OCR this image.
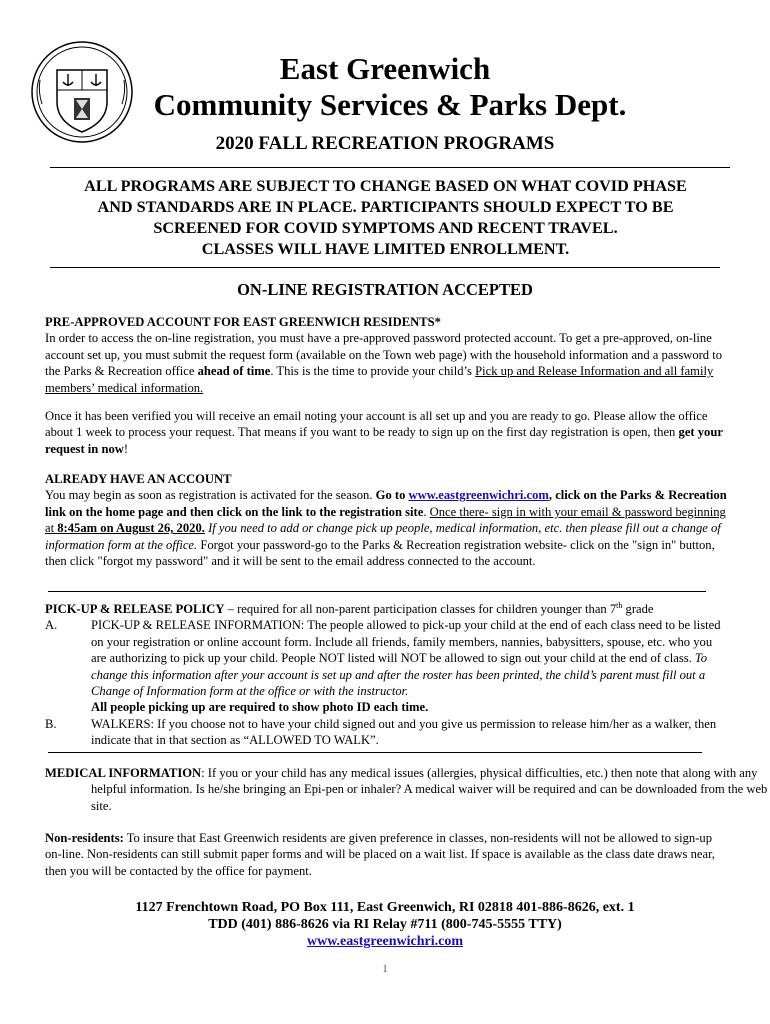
East Greenwich
Community Services & Parks Dept.
2020 FALL RECREATION PROGRAMS
ALL PROGRAMS ARE SUBJECT TO CHANGE BASED ON WHAT COVID PHASE
AND STANDARDS ARE IN PLACE. PARTICIPANTS SHOULD EXPECT TO BE
SCREENED FOR COVID SYMPTOMS AND RECENT TRAVEL.
CLASSES WILL HAVE LIMITED ENROLLMENT.
ON-LINE REGISTRATION ACCEPTED
PRE-APPROVED ACCOUNT FOR EAST GREENWICH RESIDENTS*
In order to access the on-line registration, you must have a pre-approved password protected account. To get a pre-approved, on-line account set up, you must submit the request form (available on the Town web page) with the household information and a password to the Parks & Recreation office ahead of time. This is the time to provide your child’s Pick up and Release Information and all family members’ medical information.
Once it has been verified you will receive an email noting your account is all set up and you are ready to go. Please allow the office about 1 week to process your request. That means if you want to be ready to sign up on the first day registration is open, then get your request in now!
ALREADY HAVE AN ACCOUNT
You may begin as soon as registration is activated for the season. Go to www.eastgreenwichri.com, click on the Parks & Recreation link on the home page and then click on the link to the registration site. Once there- sign in with your email & password beginning at 8:45am on August 26, 2020. If you need to add or change pick up people, medical information, etc. then please fill out a change of information form at the office. Forgot your password-go to the Parks & Recreation registration website- click on the "sign in" button, then click "forgot my password" and it will be sent to the email address connected to the account.
PICK-UP & RELEASE POLICY – required for all non-parent participation classes for children younger than 7th grade
A.	PICK-UP & RELEASE INFORMATION: The people allowed to pick-up your child at the end of each class need to be listed on your registration or online account form. Include all friends, family members, nannies, babysitters, spouse, etc. who you are authorizing to pick up your child. People NOT listed will NOT be allowed to sign out your child at the end of class. To change this information after your account is set up and after the roster has been printed, the child’s parent must fill out a Change of Information form at the office or with the instructor.
All people picking up are required to show photo ID each time.
B.	WALKERS: If you choose not to have your child signed out and you give us permission to release him/her as a walker, then indicate that in that section as “ALLOWED TO WALK”.
MEDICAL INFORMATION: If you or your child has any medical issues (allergies, physical difficulties, etc.) then note that along with any helpful information. Is he/she bringing an Epi-pen or inhaler? A medical waiver will be required and can be downloaded from the web site.
Non-residents: To insure that East Greenwich residents are given preference in classes, non-residents will not be allowed to sign-up on-line. Non-residents can still submit paper forms and will be placed on a wait list. If space is available as the class date draws near, then you will be contacted by the office for payment.
1127 Frenchtown Road, PO Box 111, East Greenwich, RI 02818 401-886-8626, ext. 1
TDD (401) 886-8626 via RI Relay #711 (800-745-5555 TTY)
www.eastgreenwichri.com
1
